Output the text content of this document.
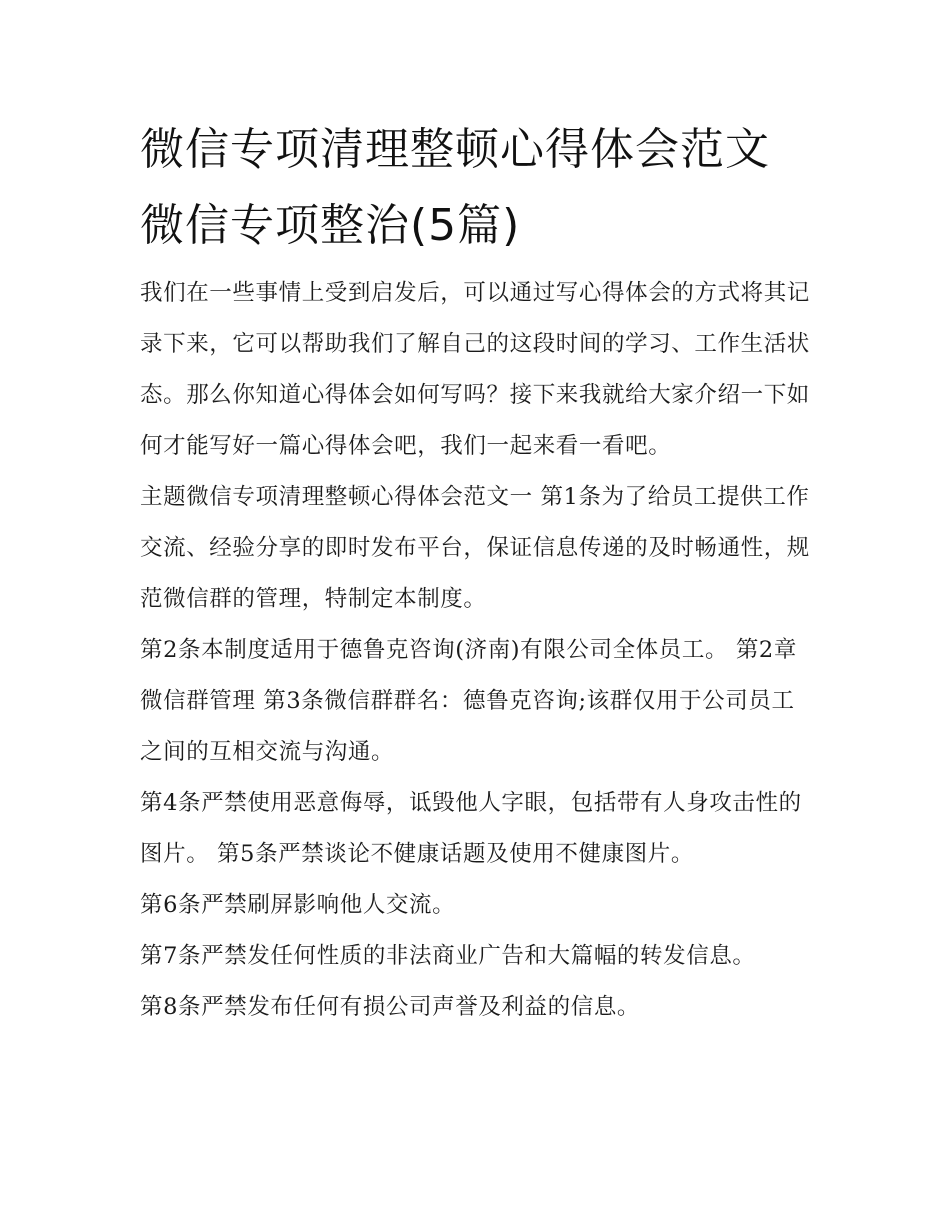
微信专项清理整顿心得体会范文 微信专项整治(5篇)

我们在一些事情上受到启发后，可以通过写心得体会的方式将其记录下来，它可以帮助我们了解自己的这段时间的学习、工作生活状态。那么你知道心得体会如何写吗？接下来我就给大家介绍一下如何才能写好一篇心得体会吧，我们一起来看一看吧。

主题微信专项清理整顿心得体会范文一 第1条为了给员工提供工作交流、经验分享的即时发布平台，保证信息传递的及时畅通性，规范微信群的管理，特制定本制度。

第2条本制度适用于德鲁克咨询(济南)有限公司全体员工。 第2章微信群管理 第3条微信群群名：德鲁克咨询;该群仅用于公司员工之间的互相交流与沟通。

第4条严禁使用恶意侮辱，诋毁他人字眼，包括带有人身攻击性的图片。 第5条严禁谈论不健康话题及使用不健康图片。

第6条严禁刷屏影响他人交流。

第7条严禁发任何性质的非法商业广告和大篇幅的转发信息。

第8条严禁发布任何有损公司声誉及利益的信息。
